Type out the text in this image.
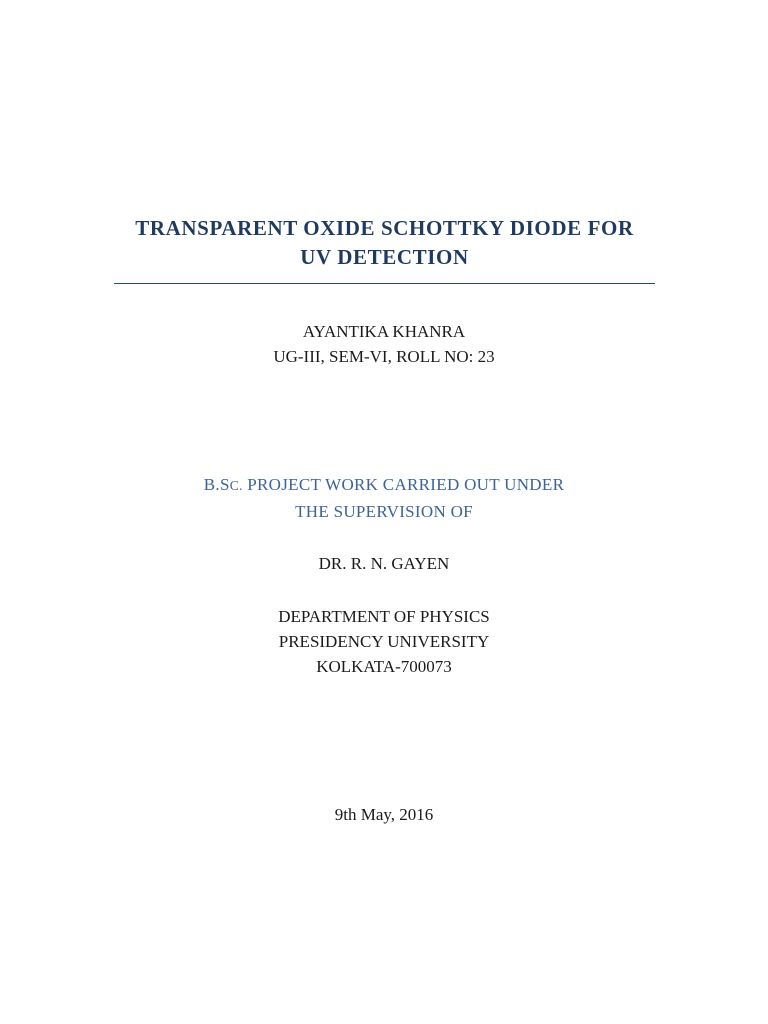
TRANSPARENT OXIDE SCHOTTKY DIODE FOR
UV DETECTION
AYANTIKA KHANRA
UG-III, SEM-VI, ROLL NO: 23
B.SC. PROJECT WORK CARRIED OUT UNDER
THE SUPERVISION OF
DR. R. N. GAYEN
DEPARTMENT OF PHYSICS
PRESIDENCY UNIVERSITY
KOLKATA-700073
9th May, 2016
